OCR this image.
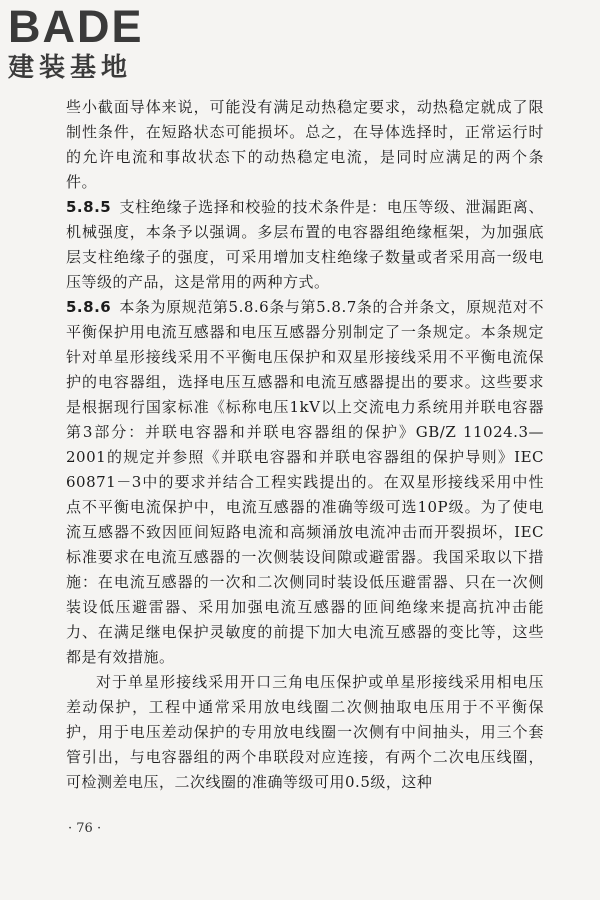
BADE
建装基地

些小截面导体来说，可能没有满足动热稳定要求，动热稳定就成了限制性条件，在短路状态可能损坏。总之，在导体选择时，正常运行时的允许电流和事故状态下的动热稳定电流，是同时应满足的两个条件。

5.8.5 支柱绝缘子选择和校验的技术条件是：电压等级、泄漏距离、机械强度，本条予以强调。多层布置的电容器组绝缘框架，为加强底层支柱绝缘子的强度，可采用增加支柱绝缘子数量或者采用高一级电压等级的产品，这是常用的两种方式。

5.8.6 本条为原规范第5.8.6条与第5.8.7条的合并条文，原规范对不平衡保护用电流互感器和电压互感器分别制定了一条规定。本条规定针对单星形接线采用不平衡电压保护和双星形接线采用不平衡电流保护的电容器组，选择电压互感器和电流互感器提出的要求。这些要求是根据现行国家标准《标称电压1kV以上交流电力系统用并联电容器　第3部分：并联电容器和并联电容器组的保护》GB/Z 11024.3—2001的规定并参照《并联电容器和并联电容器组的保护导则》IEC 60871－3中的要求并结合工程实践提出的。在双星形接线采用中性点不平衡电流保护中，电流互感器的准确等级可选10P级。为了使电流互感器不致因匝间短路电流和高频涌放电流冲击而开裂损坏，IEC标准要求在电流互感器的一次侧装设间隙或避雷器。我国采取以下措施：在电流互感器的一次和二次侧同时装设低压避雷器、只在一次侧装设低压避雷器、采用加强电流互感器的匝间绝缘来提高抗冲击能力、在满足继电保护灵敏度的前提下加大电流互感器的变比等，这些都是有效措施。

对于单星形接线采用开口三角电压保护或单星形接线采用相电压差动保护，工程中通常采用放电线圈二次侧抽取电压用于不平衡保护，用于电压差动保护的专用放电线圈一次侧有中间抽头，用三个套管引出，与电容器组的两个串联段对应连接，有两个二次电压线圈，可检测差电压，二次线圈的准确等级可用0.5级，这种

· 76 ·
